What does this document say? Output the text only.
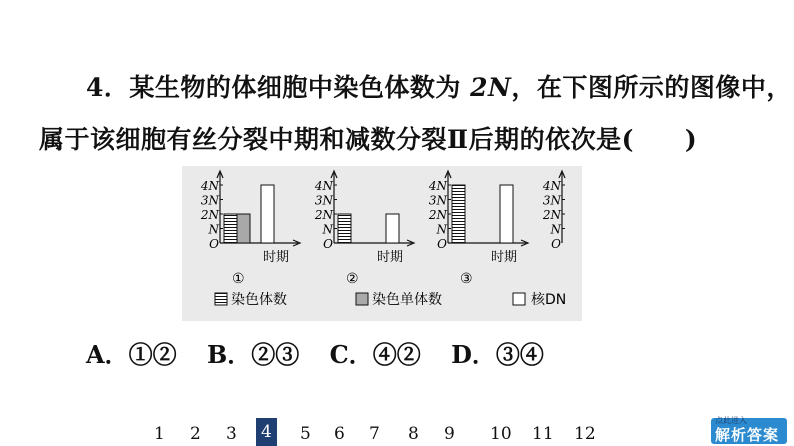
4．某生物的体细胞中染色体数为 2N，在下图所示的图像中，
属于该细胞有丝分裂中期和减数分裂Ⅱ后期的依次是(　　)
时期
①
4N
3N
2N
N
O
时期
②
4N
3N
2N
N
O
时期
③
4N
3N
2N
N
O
4N
3N
2N
N
O
染色体数	染色单体数	核DN
A．①② B．②③ C．④② D．③④
1 2 3 4 5 6 7 8 9 10 11 12
点此进入
解析答案
